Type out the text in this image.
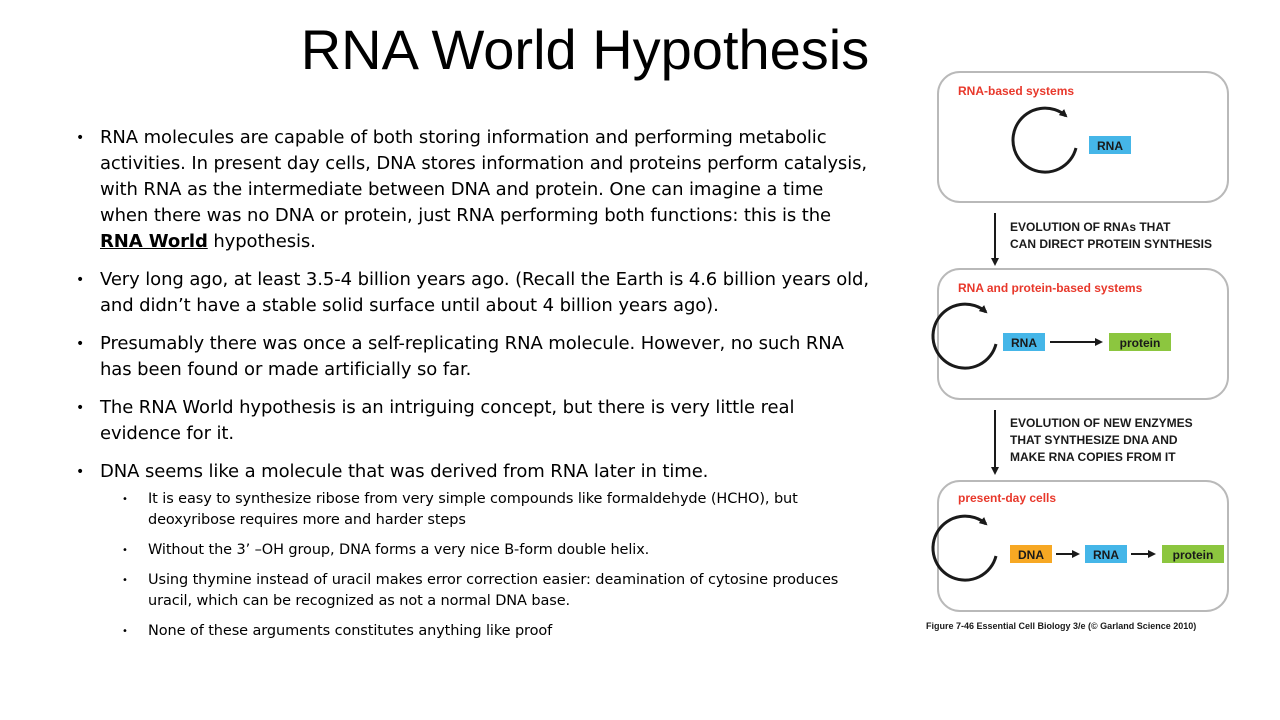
RNA World Hypothesis
• RNA molecules are capable of both storing information and performing metabolic activities. In present day cells, DNA stores information and proteins perform catalysis, with RNA as the intermediate between DNA and protein. One can imagine a time when there was no DNA or protein, just RNA performing both functions: this is the RNA World hypothesis.
• Very long ago, at least 3.5-4 billion years ago. (Recall the Earth is 4.6 billion years old, and didn’t have a stable solid surface until about 4 billion years ago).
• Presumably there was once a self-replicating RNA molecule. However, no such RNA has been found or made artificially so far.
• The RNA World hypothesis is an intriguing concept, but there is very little real evidence for it.
• DNA seems like a molecule that was derived from RNA later in time.
• It is easy to synthesize ribose from very simple compounds like formaldehyde (HCHO), but deoxyribose requires more and harder steps
• Without the 3’ –OH group, DNA forms a very nice B-form double helix.
• Using thymine instead of uracil makes error correction easier: deamination of cytosine produces uracil, which can be recognized as not a normal DNA base.
• None of these arguments constitutes anything like proof
RNA-based systems
RNA
EVOLUTION OF RNAs THAT
CAN DIRECT PROTEIN SYNTHESIS
RNA and protein-based systems
RNA	protein
EVOLUTION OF NEW ENZYMES
THAT SYNTHESIZE DNA AND
MAKE RNA COPIES FROM IT
present-day cells
DNA	RNA	protein
Figure 7-46 Essential Cell Biology 3/e (© Garland Science 2010)
